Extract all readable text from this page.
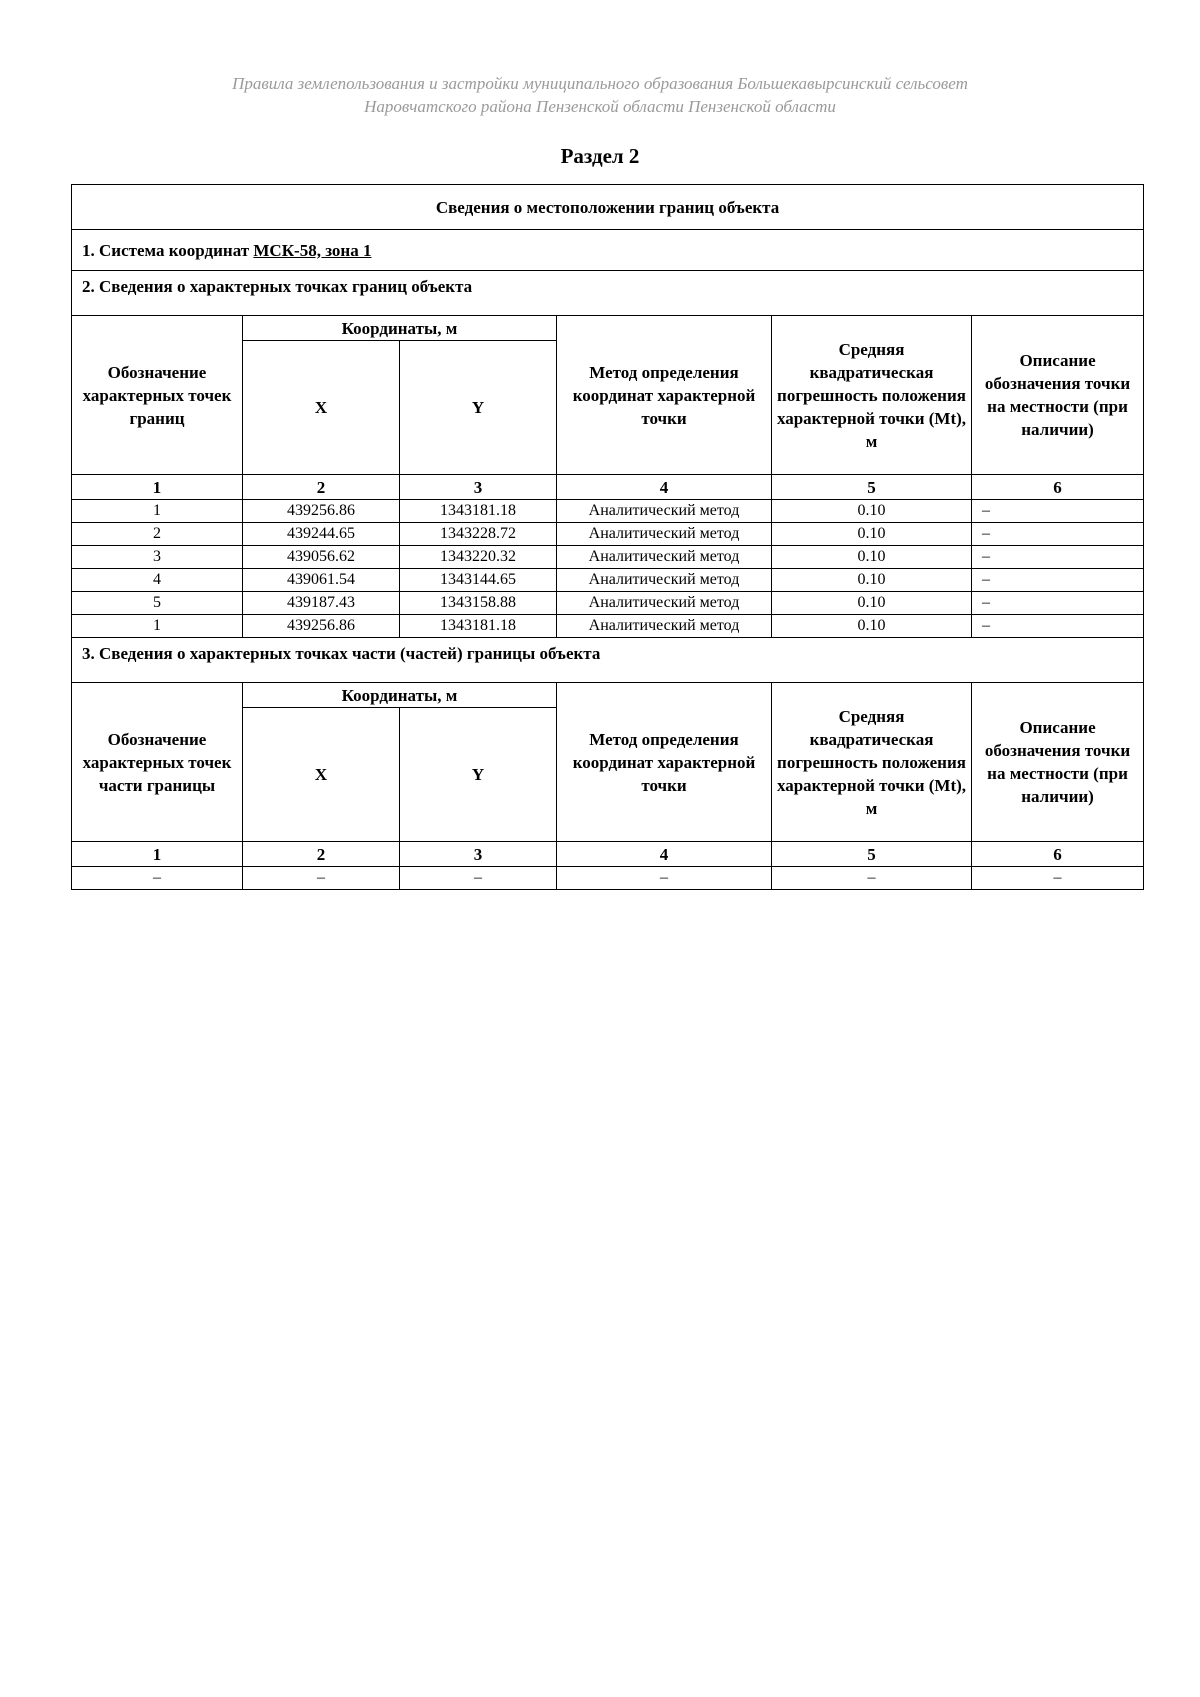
Правила землепользования и застройки муниципального образования Большекавырсинский сельсовет
Наровчатского района Пензенской области Пензенской области
Раздел 2
Сведения о местоположении границ объекта					
1. Система координат МСК-58, зона 1					
2. Сведения о характерных точках границ объекта					
Обозначение характерных точек границ	Координаты, м		Метод определения координат характерной точки	Средняя квадратическая погрешность положения характерной точки (Mt), м	Описание обозначения точки на местности (при наличии)
	X	Y			
1	2	3	4	5	6
1	439256.86	1343181.18	Аналитический метод	0.10	–
2	439244.65	1343228.72	Аналитический метод	0.10	–
3	439056.62	1343220.32	Аналитический метод	0.10	–
4	439061.54	1343144.65	Аналитический метод	0.10	–
5	439187.43	1343158.88	Аналитический метод	0.10	–
1	439256.86	1343181.18	Аналитический метод	0.10	–
3. Сведения о характерных точках части (частей) границы объекта					
Обозначение характерных точек части границы	Координаты, м		Метод определения координат характерной точки	Средняя квадратическая погрешность положения характерной точки (Mt), м	Описание обозначения точки на местности (при наличии)
	X	Y			
1	2	3	4	5	6
–	–	–	–	–	–
